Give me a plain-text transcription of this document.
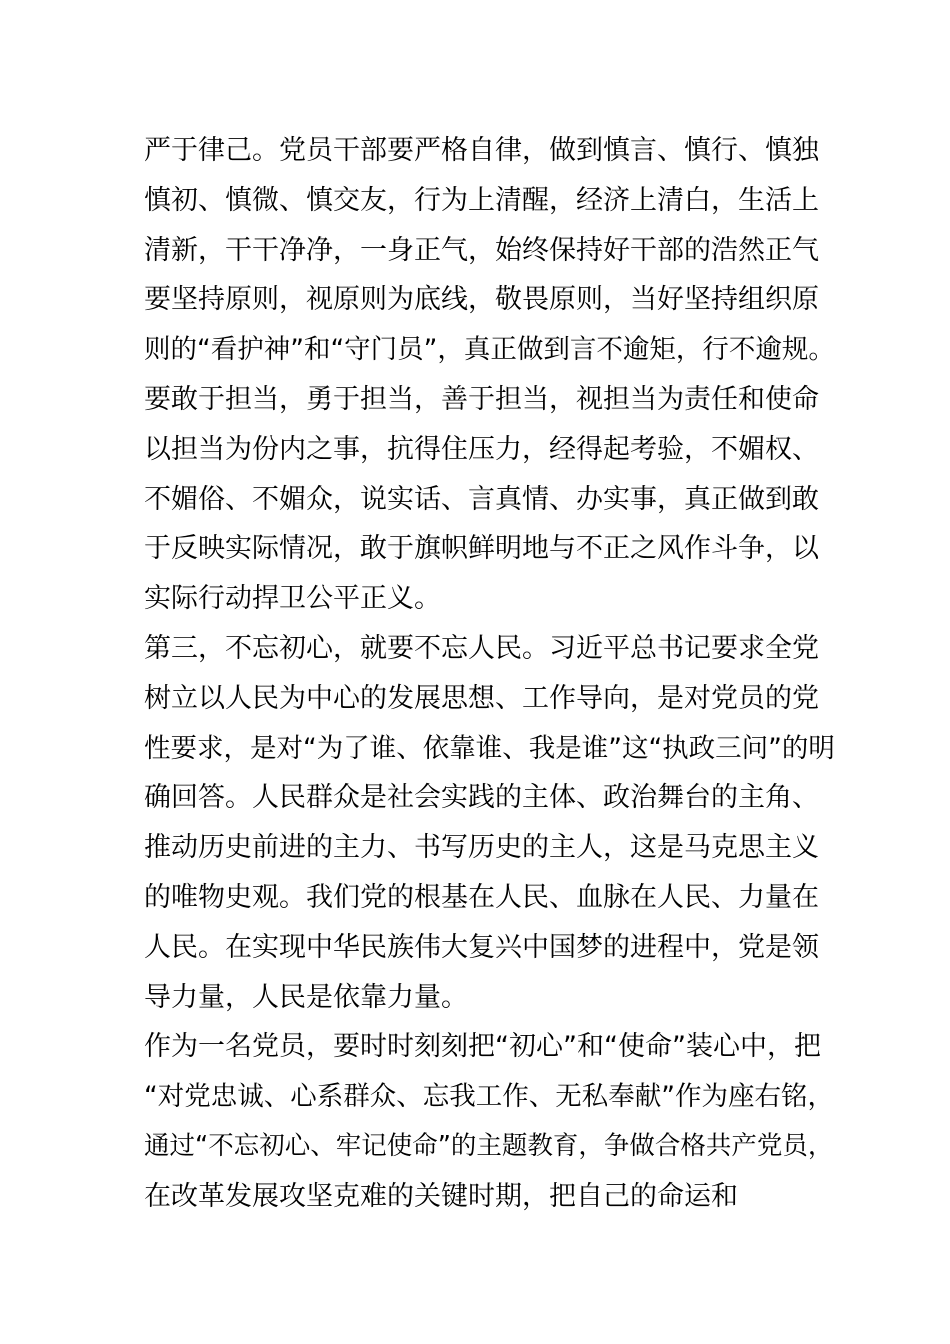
严于律己。党员干部要严格自律，做到慎言、慎行、慎独
慎初、慎微、慎交友，行为上清醒，经济上清白，生活上
清新，干干净净，一身正气，始终保持好干部的浩然正气
要坚持原则，视原则为底线，敬畏原则，当好坚持组织原
则的“看护神”和“守门员”，真正做到言不逾矩，行不逾规。
要敢于担当，勇于担当，善于担当，视担当为责任和使命
以担当为份内之事，抗得住压力，经得起考验，不媚权、
不媚俗、不媚众，说实话、言真情、办实事，真正做到敢
于反映实际情况，敢于旗帜鲜明地与不正之风作斗争，以
实际行动捍卫公平正义。
第三，不忘初心，就要不忘人民。习近平总书记要求全党
树立以人民为中心的发展思想、工作导向，是对党员的党
性要求，是对“为了谁、依靠谁、我是谁”这“执政三问”的明
确回答。人民群众是社会实践的主体、政治舞台的主角、
推动历史前进的主力、书写历史的主人，这是马克思主义
的唯物史观。我们党的根基在人民、血脉在人民、力量在
人民。在实现中华民族伟大复兴中国梦的进程中，党是领
导力量，人民是依靠力量。
作为一名党员，要时时刻刻把“初心”和“使命”装心中，把
“对党忠诚、心系群众、忘我工作、无私奉献”作为座右铭，
通过“不忘初心、牢记使命”的主题教育，争做合格共产党员，
在改革发展攻坚克难的关键时期，把自己的命运和
